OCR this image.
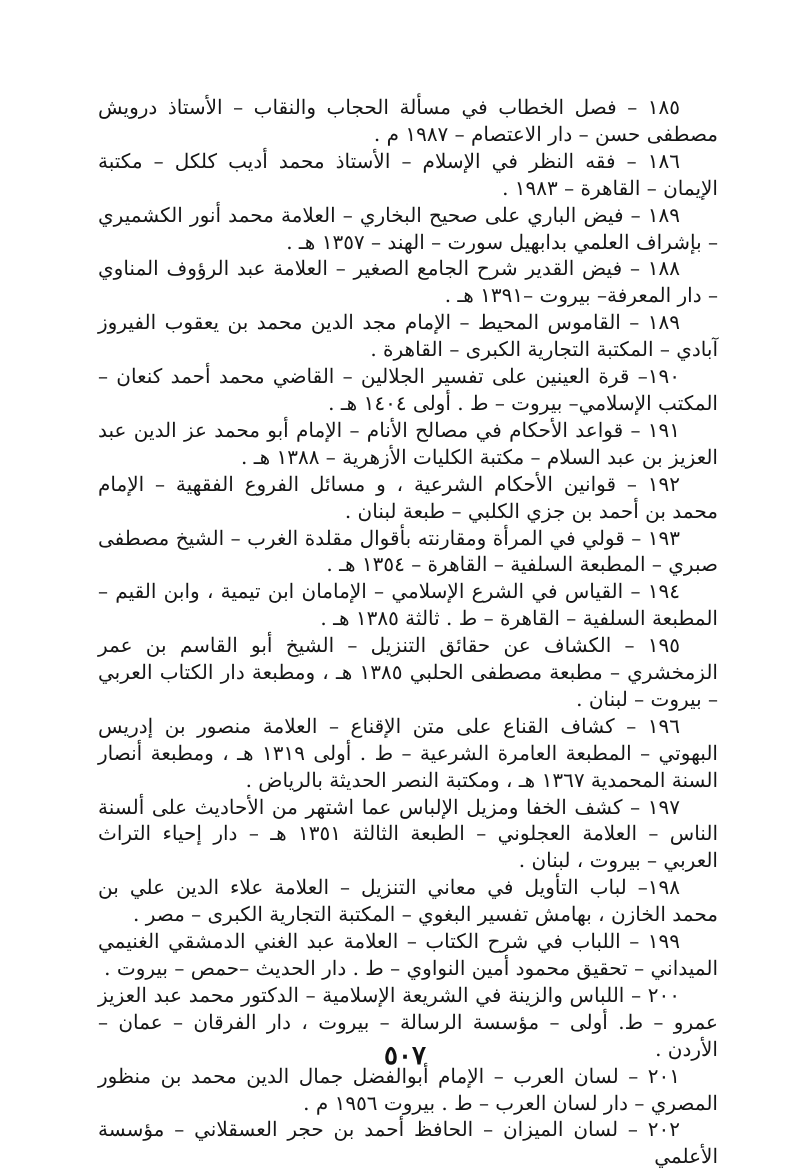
١٨٥ – فصل الخطاب في مسألة الحجاب والنقاب – الأستاذ درويش مصطفى حسن – دار الاعتصام – ١٩٨٧ م .
١٨٦ – فقه النظر في الإسلام – الأستاذ محمد أديب كلكل – مكتبة الإيمان – القاهرة – ١٩٨٣ .
١٨٩ – فيض الباري على صحيح البخاري – العلامة محمد أنور الكشميري – بإشراف العلمي بدابهيل سورت – الهند – ١٣٥٧ هـ .
١٨٨ – فيض القدير شرح الجامع الصغير – العلامة عبد الرؤوف المناوي – دار المعرفة– بيروت –١٣٩١ هـ .
١٨٩ – القاموس المحيط – الإمام مجد الدين محمد بن يعقوب الفيروز آبادي – المكتبة التجارية الكبرى – القاهرة .
١٩٠– قرة العينين على تفسير الجلالين – القاضي محمد أحمد كنعان – المكتب الإسلامي– بيروت – ط . أولى ١٤٠٤ هـ .
١٩١ – قواعد الأحكام في مصالح الأنام – الإمام أبو محمد عز الدين عبد العزيز بن عبد السلام – مكتبة الكليات الأزهرية – ١٣٨٨ هـ .
١٩٢ – قوانين الأحكام الشرعية ، و مسائل الفروع الفقهية – الإمام محمد بن أحمد بن جزي الكلبي – طبعة لبنان .
١٩٣ – قولي في المرأة ومقارنته بأقوال مقلدة الغرب – الشيخ مصطفى صبري – المطبعة السلفية – القاهرة – ١٣٥٤ هـ .
١٩٤ – القياس في الشرع الإسلامي – الإمامان ابن تيمية ، وابن القيم – المطبعة السلفية – القاهرة – ط . ثالثة ١٣٨٥ هـ .
١٩٥ – الكشاف عن حقائق التنزيل – الشيخ أبو القاسم بن عمر الزمخشري – مطبعة مصطفى الحلبي ١٣٨٥ هـ ، ومطبعة دار الكتاب العربي – بيروت – لبنان .
١٩٦ – كشاف القناع على متن الإقناع – العلامة منصور بن إدريس البهوتي – المطبعة العامرة الشرعية – ط . أولى ١٣١٩ هـ ، ومطبعة أنصار السنة المحمدية ١٣٦٧ هـ ، ومكتبة النصر الحديثة بالرياض .
١٩٧ – كشف الخفا ومزيل الإلباس عما اشتهر من الأحاديث على ألسنة الناس – العلامة العجلوني – الطبعة الثالثة ١٣٥١ هـ – دار إحياء التراث العربي – بيروت ، لبنان .
١٩٨– لباب التأويل في معاني التنزيل – العلامة علاء الدين علي بن محمد الخازن ، بهامش تفسير البغوي – المكتبة التجارية الكبرى – مصر .
١٩٩ – اللباب في شرح الكتاب – العلامة عبد الغني الدمشقي الغنيمي الميداني – تحقيق محمود أمين النواوي – ط . دار الحديث –حمص – بيروت .
٢٠٠ – اللباس والزينة في الشريعة الإسلامية – الدكتور محمد عبد العزيز عمرو – ط. أولى – مؤسسة الرسالة – بيروت ، دار الفرقان – عمان – الأردن .
٢٠١ – لسان العرب – الإمام أبوالفضل جمال الدين محمد بن منظور المصري – دار لسان العرب – ط . بيروت ١٩٥٦ م .
٢٠٢ – لسان الميزان – الحافظ أحمد بن حجر العسقلاني – مؤسسة الأعلمي
٥٠٧
